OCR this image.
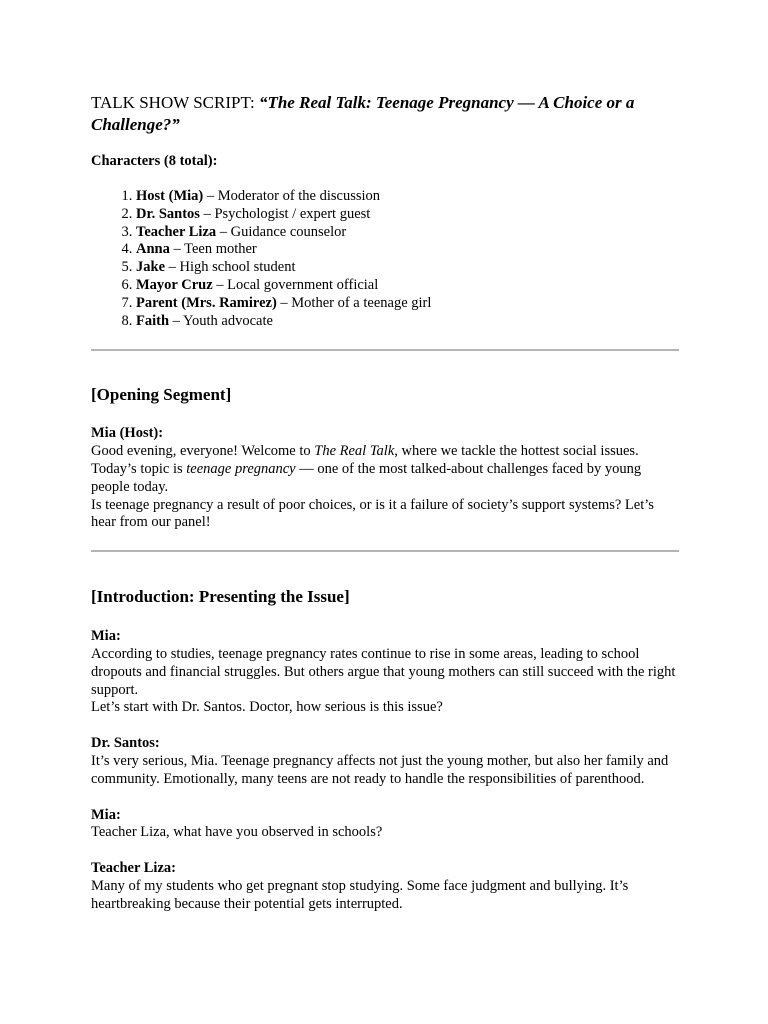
TALK SHOW SCRIPT: “The Real Talk: Teenage Pregnancy — A Choice or a Challenge?”

Characters (8 total):

1. Host (Mia) – Moderator of the discussion
2. Dr. Santos – Psychologist / expert guest
3. Teacher Liza – Guidance counselor
4. Anna – Teen mother
5. Jake – High school student
6. Mayor Cruz – Local government official
7. Parent (Mrs. Ramirez) – Mother of a teenage girl
8. Faith – Youth advocate
[Opening Segment]

Mia (Host):

Good evening, everyone! Welcome to The Real Talk, where we tackle the hottest social issues.

Today’s topic is teenage pregnancy — one of the most talked-about challenges faced by young people today.

Is teenage pregnancy a result of poor choices, or is it a failure of society’s support systems? Let’s hear from our panel!

[Introduction: Presenting the Issue]

Mia:

According to studies, teenage pregnancy rates continue to rise in some areas, leading to school dropouts and financial struggles. But others argue that young mothers can still succeed with the right support.

Let’s start with Dr. Santos. Doctor, how serious is this issue?

Dr. Santos:

It’s very serious, Mia. Teenage pregnancy affects not just the young mother, but also her family and community. Emotionally, many teens are not ready to handle the responsibilities of parenthood.

Mia:

Teacher Liza, what have you observed in schools?

Teacher Liza:

Many of my students who get pregnant stop studying. Some face judgment and bullying. It’s heartbreaking because their potential gets interrupted.
